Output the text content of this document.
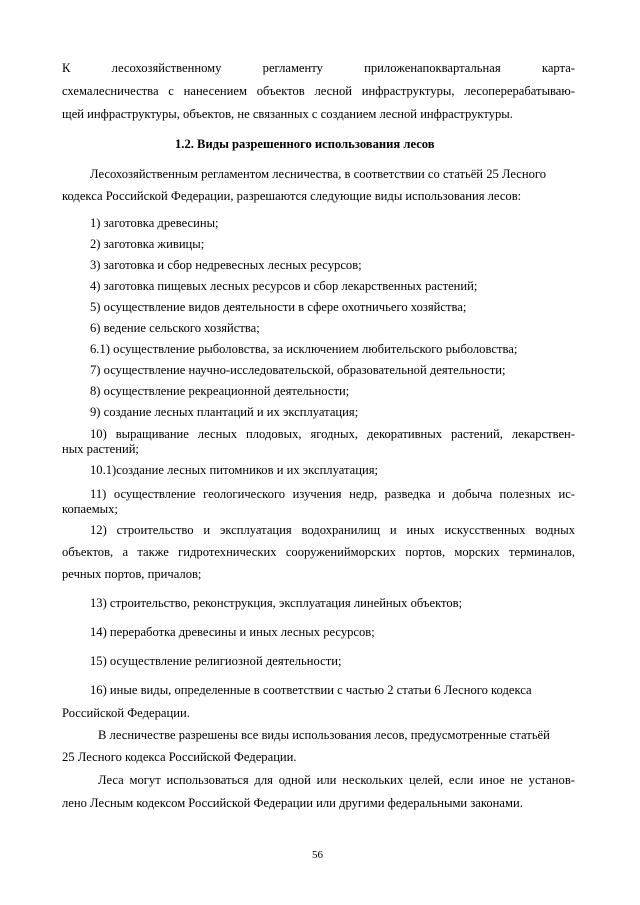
К лесохозяйственному регламенту приложенапоквартальная карта-
схемалесничества с нанесением объектов лесной инфраструктуры, лесоперерабатываю-
щей инфраструктуры, объектов, не связанных с созданием лесной инфраструктуры.
1.2. Виды разрешенного использования лесов
Лесохозяйственным регламентом лесничества, в соответствии со статьёй 25 Лесного
кодекса Российской Федерации, разрешаются следующие виды использования лесов:
1) заготовка древесины;
2) заготовка живицы;
3) заготовка и сбор недревесных лесных ресурсов;
4) заготовка пищевых лесных ресурсов и сбор лекарственных растений;
5) осуществление видов деятельности в сфере охотничьего хозяйства;
6) ведение сельского хозяйства;
6.1) осуществление рыболовства, за исключением любительского рыболовства;
7) осуществление научно-исследовательской, образовательной деятельности;
8) осуществление рекреационной деятельности;
9) создание лесных плантаций и их эксплуатация;
10) выращивание лесных плодовых, ягодных, декоративных растений, лекарствен-
ных растений;
10.1)создание лесных питомников и их эксплуатация;
11) осуществление геологического изучения недр, разведка и добыча полезных ис-
копаемых;
12) строительство и эксплуатация водохранилищ и иных искусственных водных
объектов, а также гидротехнических сооруженийморских портов, морских терминалов,
речных портов, причалов;
13) строительство, реконструкция, эксплуатация линейных объектов;
14) переработка древесины и иных лесных ресурсов;
15) осуществление религиозной деятельности;
16) иные виды, определенные в соответствии с частью 2 статьи 6 Лесного кодекса
Российской Федерации.
В лесничестве разрешены все виды использования лесов, предусмотренные статьёй
25 Лесного кодекса Российской Федерации.
Леса могут использоваться для одной или нескольких целей, если иное не установ-
лено Лесным кодексом Российской Федерации или другими федеральными законами.
56
